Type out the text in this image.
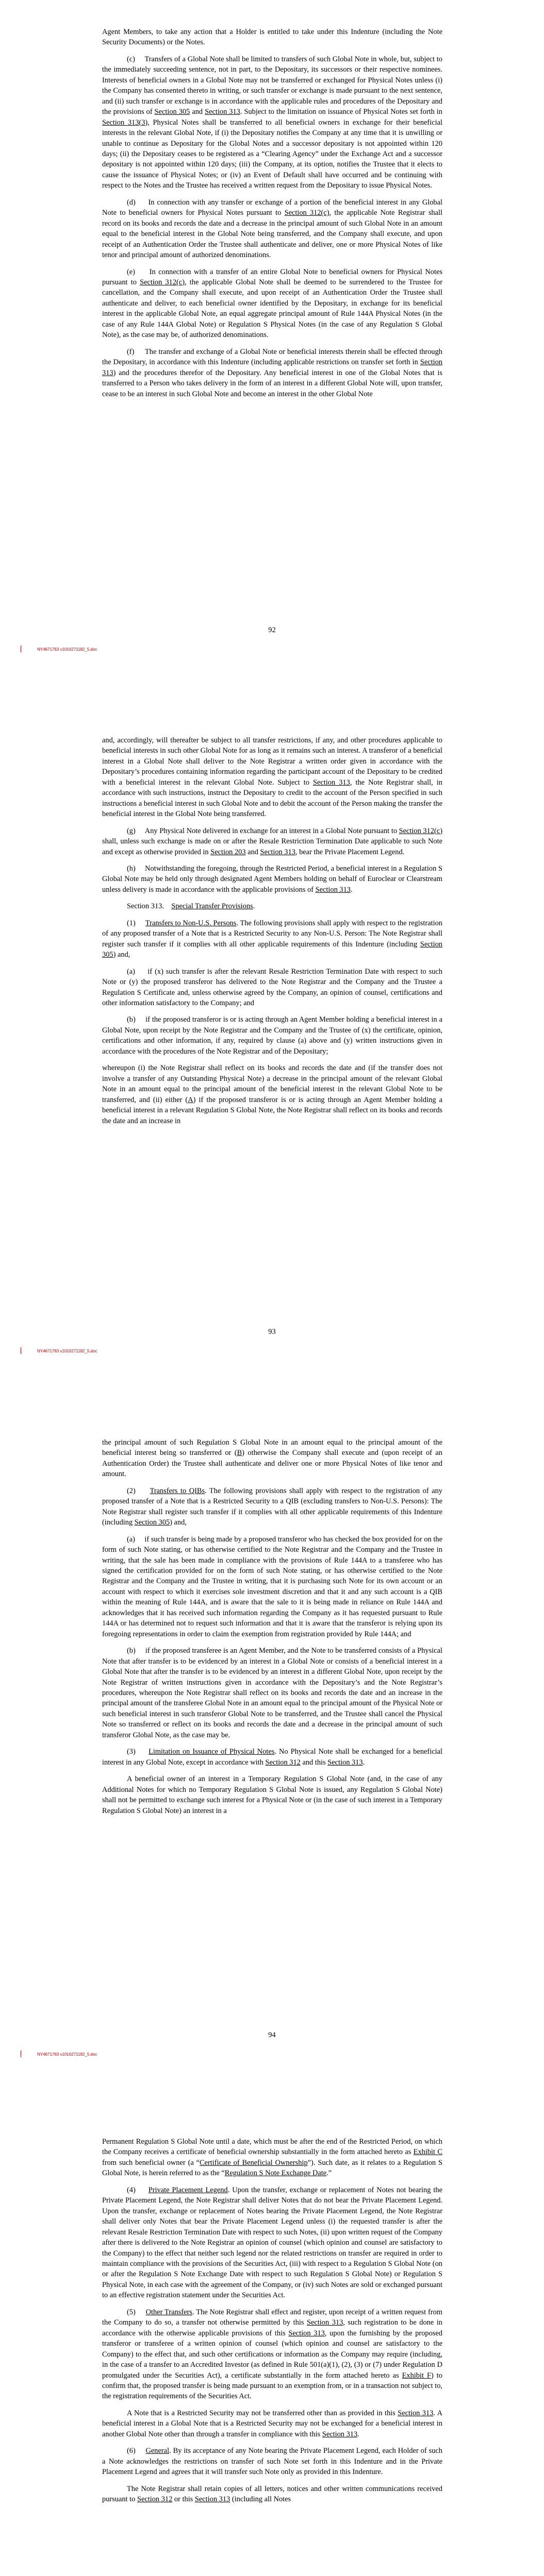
Agent Members, to take any action that a Holder is entitled to take under this Indenture (including the Note Security Documents) or the Notes.

(c)     Transfers of a Global Note shall be limited to transfers of such Global Note in whole, but, subject to the immediately succeeding sentence, not in part, to the Depositary, its successors or their respective nominees. Interests of beneficial owners in a Global Note may not be transferred or exchanged for Physical Notes unless (i) the Company has consented thereto in writing, or such transfer or exchange is made pursuant to the next sentence, and (ii) such transfer or exchange is in accordance with the applicable rules and procedures of the Depositary and the provisions of Section 305 and Section 313. Subject to the limitation on issuance of Physical Notes set forth in Section 313(3), Physical Notes shall be transferred to all beneficial owners in exchange for their beneficial interests in the relevant Global Note, if (i) the Depositary notifies the Company at any time that it is unwilling or unable to continue as Depositary for the Global Notes and a successor depositary is not appointed within 120 days; (ii) the Depositary ceases to be registered as a “Clearing Agency” under the Exchange Act and a successor depositary is not appointed within 120 days; (iii) the Company, at its option, notifies the Trustee that it elects to cause the issuance of Physical Notes; or (iv) an Event of Default shall have occurred and be continuing with respect to the Notes and the Trustee has received a written request from the Depositary to issue Physical Notes.

(d)     In connection with any transfer or exchange of a portion of the beneficial interest in any Global Note to beneficial owners for Physical Notes pursuant to Section 312(c), the applicable Note Registrar shall record on its books and records the date and a decrease in the principal amount of such Global Note in an amount equal to the beneficial interest in the Global Note being transferred, and the Company shall execute, and upon receipt of an Authentication Order the Trustee shall authenticate and deliver, one or more Physical Notes of like tenor and principal amount of authorized denominations.

(e)     In connection with a transfer of an entire Global Note to beneficial owners for Physical Notes pursuant to Section 312(c), the applicable Global Note shall be deemed to be surrendered to the Trustee for cancellation, and the Company shall execute, and upon receipt of an Authentication Order the Trustee shall authenticate and deliver, to each beneficial owner identified by the Depositary, in exchange for its beneficial interest in the applicable Global Note, an equal aggregate principal amount of Rule 144A Physical Notes (in the case of any Rule 144A Global Note) or Regulation S Physical Notes (in the case of any Regulation S Global Note), as the case may be, of authorized denominations.

(f)     The transfer and exchange of a Global Note or beneficial interests therein shall be effected through the Depositary, in accordance with this Indenture (including applicable restrictions on transfer set forth in Section 313) and the procedures therefor of the Depositary. Any beneficial interest in one of the Global Notes that is transferred to a Person who takes delivery in the form of an interest in a different Global Note will, upon transfer, cease to be an interest in such Global Note and become an interest in the other Global Note

92
NY4671763 v1010271182_5.doc

and, accordingly, will thereafter be subject to all transfer restrictions, if any, and other procedures applicable to beneficial interests in such other Global Note for as long as it remains such an interest. A transferor of a beneficial interest in a Global Note shall deliver to the Note Registrar a written order given in accordance with the Depositary’s procedures containing information regarding the participant account of the Depositary to be credited with a beneficial interest in the relevant Global Note. Subject to Section 313, the Note Registrar shall, in accordance with such instructions, instruct the Depositary to credit to the account of the Person specified in such instructions a beneficial interest in such Global Note and to debit the account of the Person making the transfer the beneficial interest in the Global Note being transferred.

(g)     Any Physical Note delivered in exchange for an interest in a Global Note pursuant to Section 312(c) shall, unless such exchange is made on or after the Resale Restriction Termination Date applicable to such Note and except as otherwise provided in Section 203 and Section 313, bear the Private Placement Legend.

(h)     Notwithstanding the foregoing, through the Restricted Period, a beneficial interest in a Regulation S Global Note may be held only through designated Agent Members holding on behalf of Euroclear or Clearstream unless delivery is made in accordance with the applicable provisions of Section 313.

Section 313.    Special Transfer Provisions.

(1)     Transfers to Non-U.S. Persons. The following provisions shall apply with respect to the registration of any proposed transfer of a Note that is a Restricted Security to any Non-U.S. Person: The Note Registrar shall register such transfer if it complies with all other applicable requirements of this Indenture (including Section 305) and,

(a)     if (x) such transfer is after the relevant Resale Restriction Termination Date with respect to such Note or (y) the proposed transferor has delivered to the Note Registrar and the Company and the Trustee a Regulation S Certificate and, unless otherwise agreed by the Company, an opinion of counsel, certifications and other information satisfactory to the Company; and

(b)     if the proposed transferor is or is acting through an Agent Member holding a beneficial interest in a Global Note, upon receipt by the Note Registrar and the Company and the Trustee of (x) the certificate, opinion, certifications and other information, if any, required by clause (a) above and (y) written instructions given in accordance with the procedures of the Note Registrar and of the Depositary;

whereupon (i) the Note Registrar shall reflect on its books and records the date and (if the transfer does not involve a transfer of any Outstanding Physical Note) a decrease in the principal amount of the relevant Global Note in an amount equal to the principal amount of the beneficial interest in the relevant Global Note to be transferred, and (ii) either (A) if the proposed transferor is or is acting through an Agent Member holding a beneficial interest in a relevant Regulation S Global Note, the Note Registrar shall reflect on its books and records the date and an increase in

93
NY4671763 v1010271182_5.doc

the principal amount of such Regulation S Global Note in an amount equal to the principal amount of the beneficial interest being so transferred or (B) otherwise the Company shall execute and (upon receipt of an Authentication Order) the Trustee shall authenticate and deliver one or more Physical Notes of like tenor and amount.

(2)     Transfers to QIBs. The following provisions shall apply with respect to the registration of any proposed transfer of a Note that is a Restricted Security to a QIB (excluding transfers to Non-U.S. Persons): The Note Registrar shall register such transfer if it complies with all other applicable requirements of this Indenture (including Section 305) and,

(a)     if such transfer is being made by a proposed transferor who has checked the box provided for on the form of such Note stating, or has otherwise certified to the Note Registrar and the Company and the Trustee in writing, that the sale has been made in compliance with the provisions of Rule 144A to a transferee who has signed the certification provided for on the form of such Note stating, or has otherwise certified to the Note Registrar and the Company and the Trustee in writing, that it is purchasing such Note for its own account or an account with respect to which it exercises sole investment discretion and that it and any such account is a QIB within the meaning of Rule 144A, and is aware that the sale to it is being made in reliance on Rule 144A and acknowledges that it has received such information regarding the Company as it has requested pursuant to Rule 144A or has determined not to request such information and that it is aware that the transferor is relying upon its foregoing representations in order to claim the exemption from registration provided by Rule 144A; and

(b)     if the proposed transferee is an Agent Member, and the Note to be transferred consists of a Physical Note that after transfer is to be evidenced by an interest in a Global Note or consists of a beneficial interest in a Global Note that after the transfer is to be evidenced by an interest in a different Global Note, upon receipt by the Note Registrar of written instructions given in accordance with the Depositary’s and the Note Registrar’s procedures, whereupon the Note Registrar shall reflect on its books and records the date and an increase in the principal amount of the transferee Global Note in an amount equal to the principal amount of the Physical Note or such beneficial interest in such transferor Global Note to be transferred, and the Trustee shall cancel the Physical Note so transferred or reflect on its books and records the date and a decrease in the principal amount of such transferor Global Note, as the case may be.

(3)     Limitation on Issuance of Physical Notes. No Physical Note shall be exchanged for a beneficial interest in any Global Note, except in accordance with Section 312 and this Section 313.

A beneficial owner of an interest in a Temporary Regulation S Global Note (and, in the case of any Additional Notes for which no Temporary Regulation S Global Note is issued, any Regulation S Global Note) shall not be permitted to exchange such interest for a Physical Note or (in the case of such interest in a Temporary Regulation S Global Note) an interest in a

94
NY4671763 v1010271182_5.doc

Permanent Regulation S Global Note until a date, which must be after the end of the Restricted Period, on which the Company receives a certificate of beneficial ownership substantially in the form attached hereto as Exhibit C from such beneficial owner (a “Certificate of Beneficial Ownership”). Such date, as it relates to a Regulation S Global Note, is herein referred to as the “Regulation S Note Exchange Date.”

(4)     Private Placement Legend. Upon the transfer, exchange or replacement of Notes not bearing the Private Placement Legend, the Note Registrar shall deliver Notes that do not bear the Private Placement Legend. Upon the transfer, exchange or replacement of Notes bearing the Private Placement Legend, the Note Registrar shall deliver only Notes that bear the Private Placement Legend unless (i) the requested transfer is after the relevant Resale Restriction Termination Date with respect to such Notes, (ii) upon written request of the Company after there is delivered to the Note Registrar an opinion of counsel (which opinion and counsel are satisfactory to the Company) to the effect that neither such legend nor the related restrictions on transfer are required in order to maintain compliance with the provisions of the Securities Act, (iii) with respect to a Regulation S Global Note (on or after the Regulation S Note Exchange Date with respect to such Regulation S Global Note) or Regulation S Physical Note, in each case with the agreement of the Company, or (iv) such Notes are sold or exchanged pursuant to an effective registration statement under the Securities Act.

(5)     Other Transfers. The Note Registrar shall effect and register, upon receipt of a written request from the Company to do so, a transfer not otherwise permitted by this Section 313, such registration to be done in accordance with the otherwise applicable provisions of this Section 313, upon the furnishing by the proposed transferor or transferee of a written opinion of counsel (which opinion and counsel are satisfactory to the Company) to the effect that, and such other certifications or information as the Company may require (including, in the case of a transfer to an Accredited Investor (as defined in Rule 501(a)(1), (2), (3) or (7) under Regulation D promulgated under the Securities Act), a certificate substantially in the form attached hereto as Exhibit F) to confirm that, the proposed transfer is being made pursuant to an exemption from, or in a transaction not subject to, the registration requirements of the Securities Act.

A Note that is a Restricted Security may not be transferred other than as provided in this Section 313. A beneficial interest in a Global Note that is a Restricted Security may not be exchanged for a beneficial interest in another Global Note other than through a transfer in compliance with this Section 313.

(6)     General. By its acceptance of any Note bearing the Private Placement Legend, each Holder of such a Note acknowledges the restrictions on transfer of such Note set forth in this Indenture and in the Private Placement Legend and agrees that it will transfer such Note only as provided in this Indenture.

The Note Registrar shall retain copies of all letters, notices and other written communications received pursuant to Section 312 or this Section 313 (including all Notes
